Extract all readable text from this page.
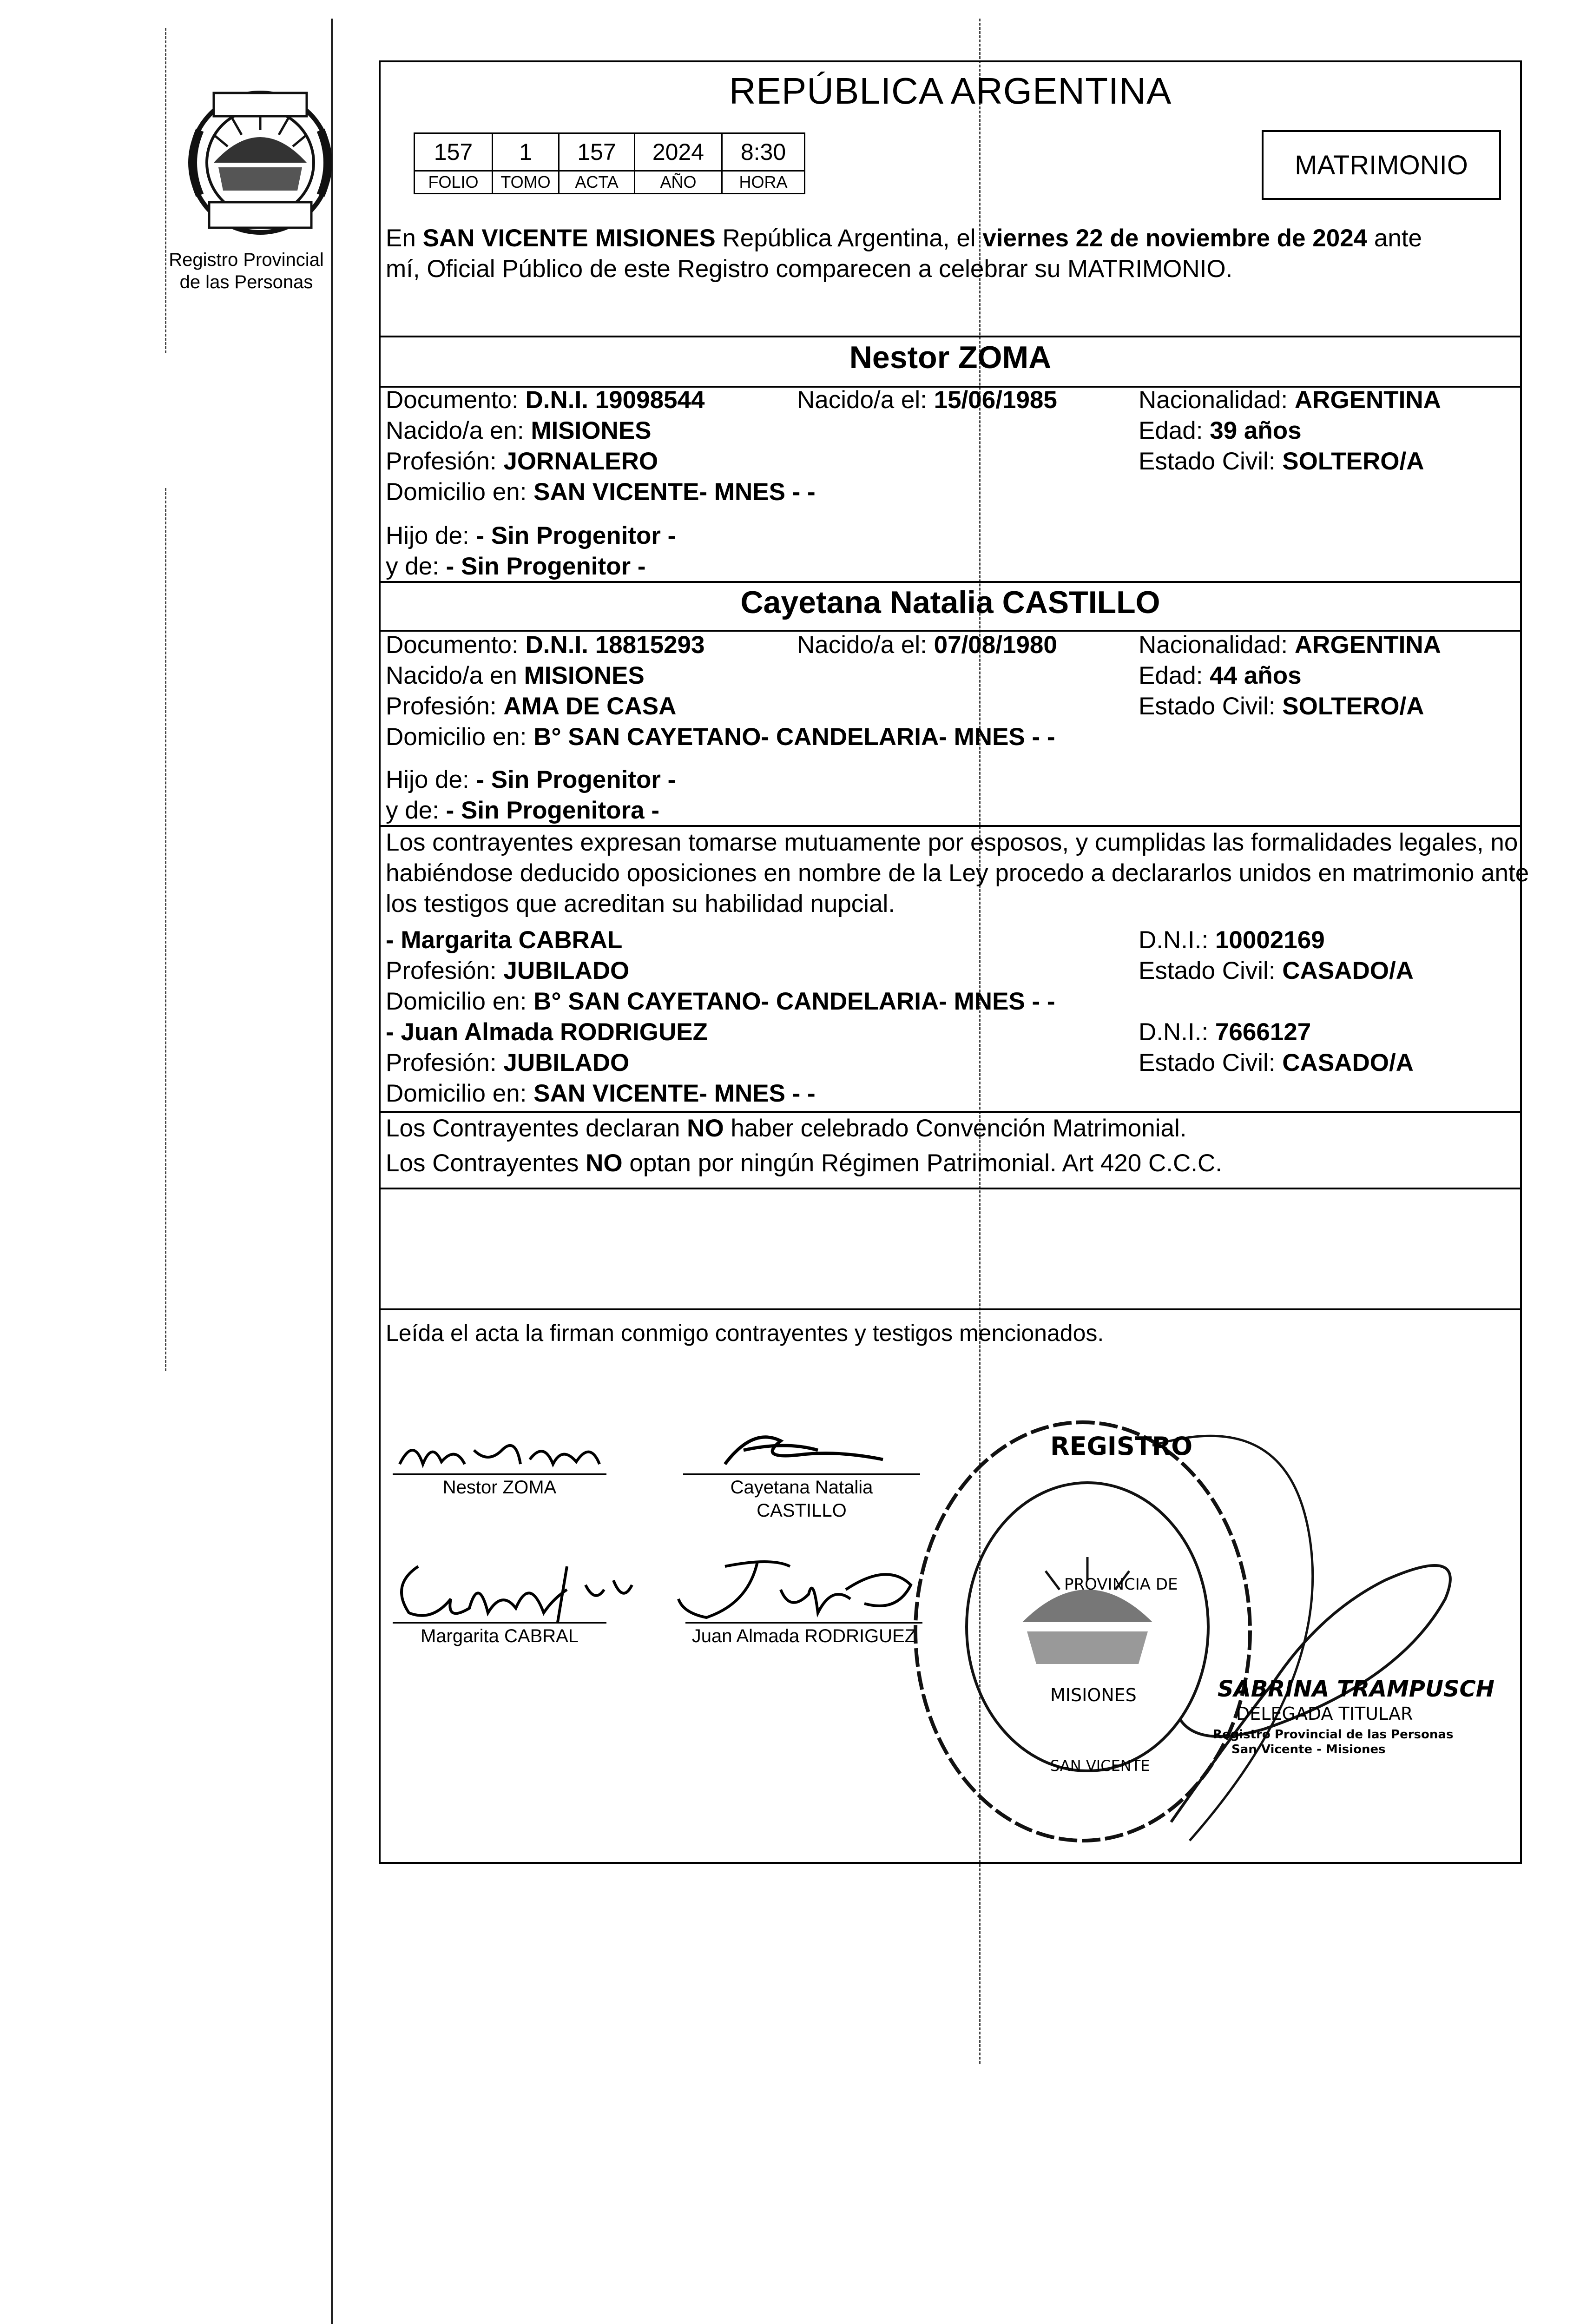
Registro Provincial
de las Personas
REPÚBLICA ARGENTINA
157	1	157	2024	8:30
FOLIO	TOMO	ACTA	AÑO	HORA
MATRIMONIO
En SAN VICENTE MISIONES República Argentina, el viernes 22 de noviembre de 2024 ante
mí, Oficial Público de este Registro comparecen a celebrar su MATRIMONIO.
Nestor ZOMA
Documento: D.N.I. 19098544	Nacido/a el: 15/06/1985	Nacionalidad: ARGENTINA
Nacido/a en: MISIONES	Edad: 39 años
Profesión: JORNALERO	Estado Civil: SOLTERO/A
Domicilio en: SAN VICENTE- MNES - -
Hijo de: - Sin Progenitor -
y de: - Sin Progenitor -
Cayetana Natalia CASTILLO
Documento: D.N.I. 18815293	Nacido/a el: 07/08/1980	Nacionalidad: ARGENTINA
Nacido/a en MISIONES	Edad: 44 años
Profesión: AMA DE CASA	Estado Civil: SOLTERO/A
Domicilio en: B° SAN CAYETANO- CANDELARIA- MNES - -
Hijo de: - Sin Progenitor -
y de: - Sin Progenitora -
Los contrayentes expresan tomarse mutuamente por esposos, y cumplidas las formalidades legales, no
habiéndose deducido oposiciones en nombre de la Ley procedo a declararlos unidos en matrimonio ante
los testigos que acreditan su habilidad nupcial.
- Margarita CABRAL	D.N.I.: 10002169
Profesión: JUBILADO	Estado Civil: CASADO/A
Domicilio en: B° SAN CAYETANO- CANDELARIA- MNES - -
- Juan Almada RODRIGUEZ	D.N.I.: 7666127
Profesión: JUBILADO	Estado Civil: CASADO/A
Domicilio en: SAN VICENTE- MNES - -
Los Contrayentes declaran NO haber celebrado Convención Matrimonial.
Los Contrayentes NO optan por ningún Régimen Patrimonial. Art 420 C.C.C.
Leída el acta la firman conmigo contrayentes y testigos mencionados.
Nestor ZOMA	Cayetana Natalia
CASTILLO
Margarita CABRAL	Juan Almada RODRIGUEZ
REGISTRO
PROVINCIA DE
MISIONES
SAN VICENTE
SABRINA TRAMPUSCH
DELEGADA TITULAR
Registro Provincial de las Personas
San Vicente - Misiones
